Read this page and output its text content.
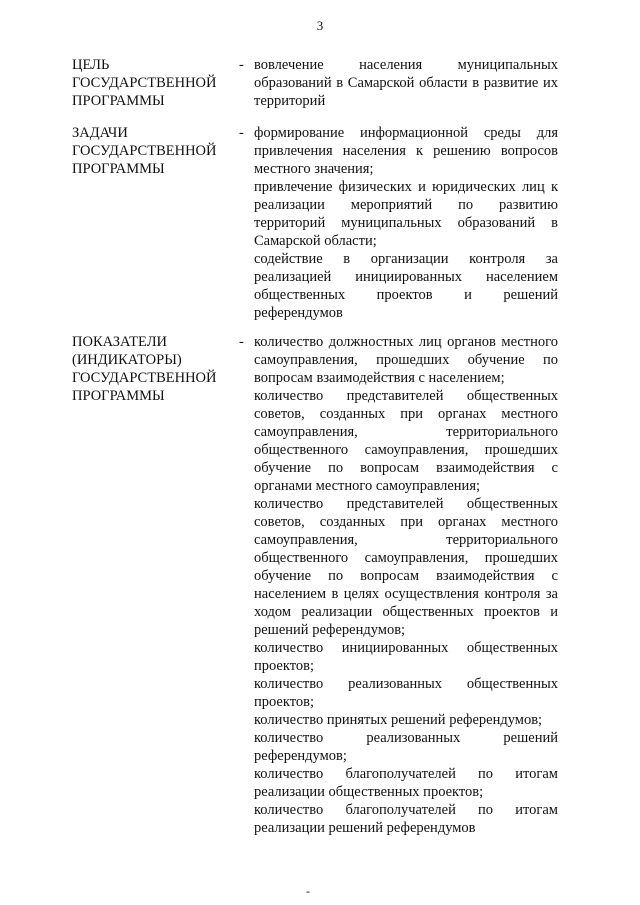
3
ЦЕЛЬ
ГОСУДАРСТВЕННОЙ
ПРОГРАММЫ
- вовлечение населения муниципальных образований в Самарской области в развитие их территорий

ЗАДАЧИ
ГОСУДАРСТВЕННОЙ
ПРОГРАММЫ
- формирование информационной среды для привлечения населения к решению вопросов местного значения;

привлечение физических и юридических лиц к реализации мероприятий по развитию территорий муниципальных образований в Самарской области;

содействие в организации контроля за реализацией инициированных населением общественных проектов и решений референдумов

ПОКАЗАТЕЛИ
(ИНДИКАТОРЫ)
ГОСУДАРСТВЕННОЙ
ПРОГРАММЫ
- количество должностных лиц органов местного самоуправления, прошедших обучение по вопросам взаимодействия с населением;

количество представителей общественных советов, созданных при органах местного самоуправления, территориального общественного самоуправления, прошедших обучение по вопросам взаимодействия с органами местного самоуправления;

количество представителей общественных советов, созданных при органах местного самоуправления, территориального общественного самоуправления, прошедших обучение по вопросам взаимодействия с населением в целях осуществления контроля за ходом реализации общественных проектов и решений референдумов;

количество инициированных общественных проектов;

количество реализованных общественных проектов;

количество принятых решений референдумов;

количество реализованных решений референдумов;

количество благополучателей по итогам реализации общественных проектов;

количество благополучателей по итогам реализации решений референдумов

-
